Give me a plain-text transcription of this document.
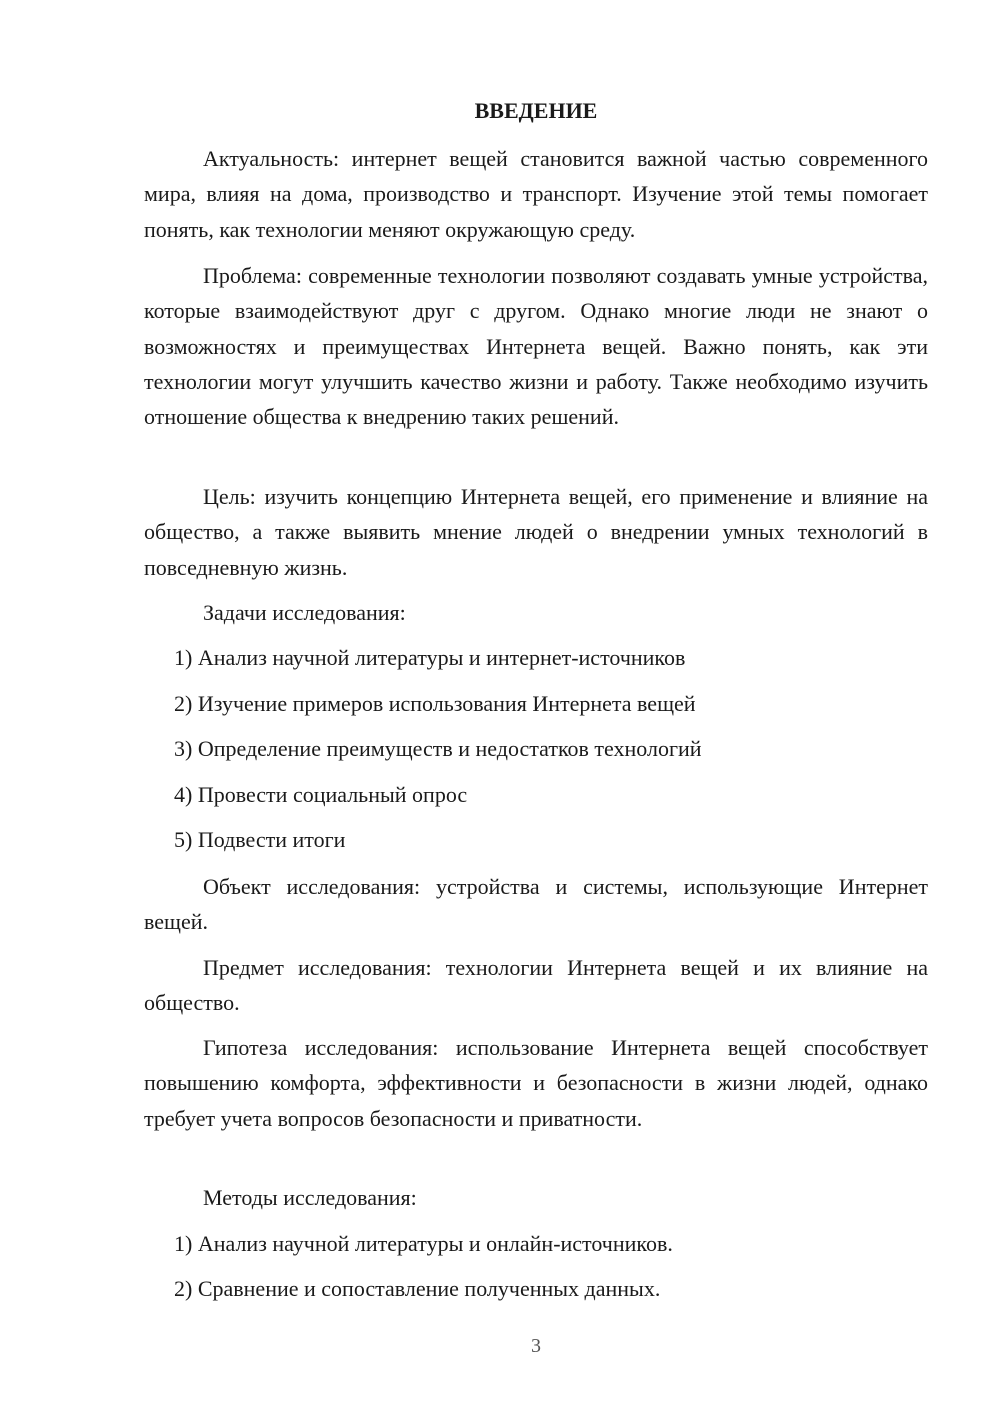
ВВЕДЕНИЕ

Актуальность: интернет вещей становится важной частью современного мира, влияя на дома, производство и транспорт. Изучение этой темы помогает понять, как технологии меняют окружающую среду.

Проблема: современные технологии позволяют создавать умные устройства, которые взаимодействуют друг с другом. Однако многие люди не знают о возможностях и преимуществах Интернета вещей. Важно понять, как эти технологии могут улучшить качество жизни и работу. Также необходимо изучить отношение общества к внедрению таких решений.

Цель: изучить концепцию Интернета вещей, его применение и влияние на общество, а также выявить мнение людей о внедрении умных технологий в повседневную жизнь.

Задачи исследования:

1) Анализ научной литературы и интернет-источников

2) Изучение примеров использования Интернета вещей

3) Определение преимуществ и недостатков технологий

4) Провести социальный опрос

5) Подвести итоги

Объект исследования: устройства и системы, использующие Интернет вещей.

Предмет исследования: технологии Интернета вещей и их влияние на общество.

Гипотеза исследования: использование Интернета вещей способствует повышению комфорта, эффективности и безопасности в жизни людей, однако требует учета вопросов безопасности и приватности.

Методы исследования:

1) Анализ научной литературы и онлайн-источников.

2) Сравнение и сопоставление полученных данных.

3
